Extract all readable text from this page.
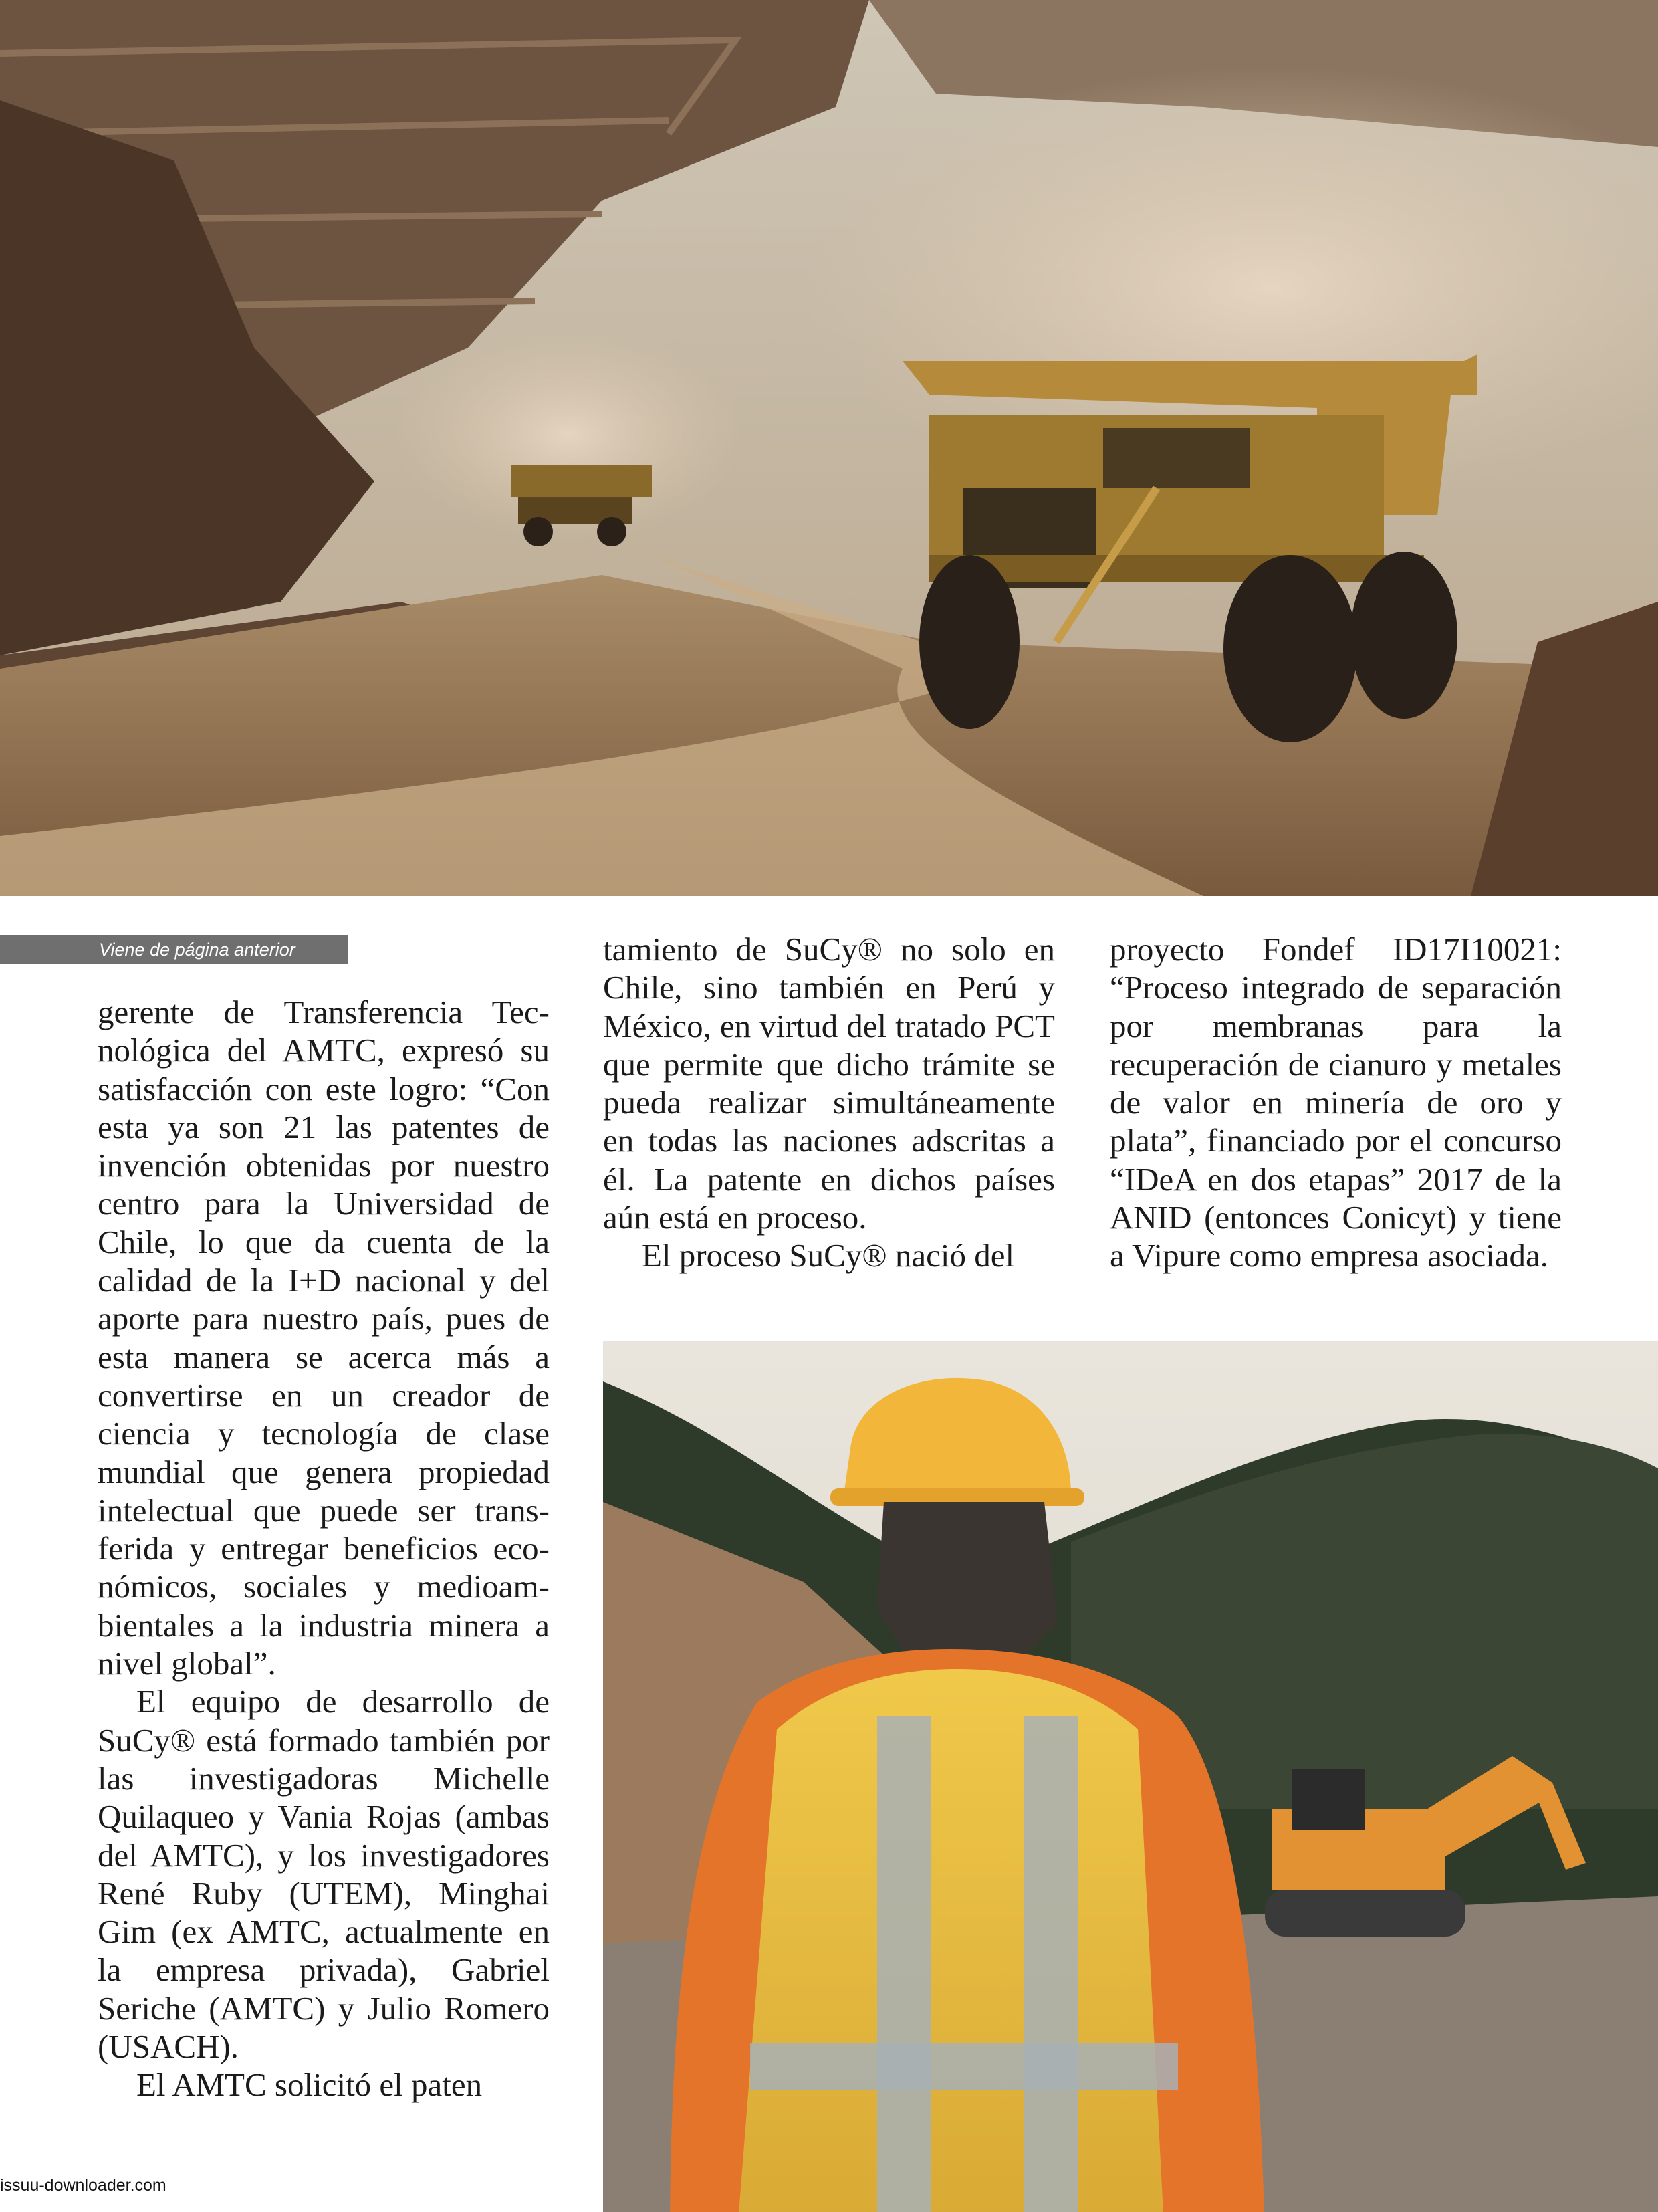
Viene de página anterior

gerente de Transferencia Tecnológica del AMTC, expresó su satisfacción con este logro: “Con esta ya son 21 las patentes de invención obtenidas por nuestro centro para la Universidad de Chile, lo que da cuenta de la calidad de la I+D nacional y del aporte para nuestro país, pues de esta manera se acerca más a convertirse en un creador de ciencia y tecnología de clase mundial que genera propiedad intelectual que puede ser transferida y entregar beneficios económicos, sociales y medioambientales a la industria minera a nivel global”.

El equipo de desarrollo de SuCy® está formado también por las investigadoras Michelle Quilaqueo y Vania Rojas (ambas del AMTC), y los investigadores René Ruby (UTEM), Minghai Gim (ex AMTC, actualmente en la empresa privada), Gabriel Seriche (AMTC) y Julio Romero (USACH).

El AMTC solicitó el paten

tamiento de SuCy® no solo en Chile, sino también en Perú y México, en virtud del tratado PCT que permite que dicho trámite se pueda realizar simultáneamente en todas las naciones adscritas a él. La patente en dichos países aún está en proceso.

El proceso SuCy® nació del

proyecto Fondef ID17I10021: “Proceso integrado de separación por membranas para la recuperación de cianuro y metales de valor en minería de oro y plata”, financiado por el concurso “IDeA en dos etapas” 2017 de la ANID (entonces Conicyt) y tiene a Vipure como empresa asociada.

issuu-downloader.com
